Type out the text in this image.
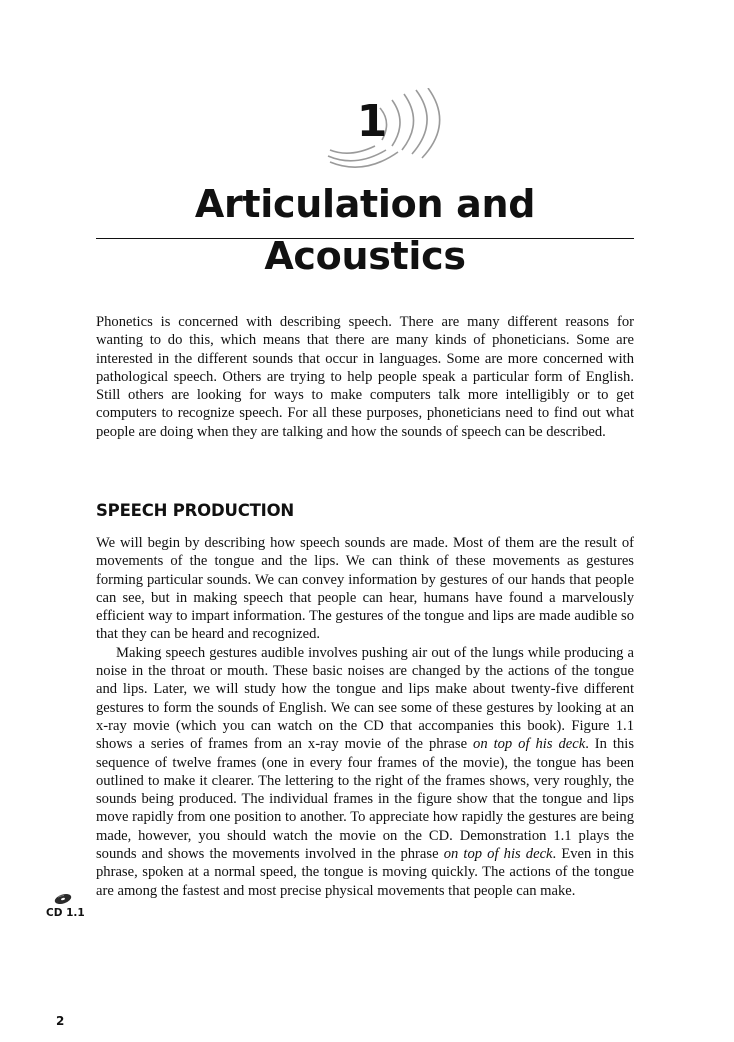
1
Articulation and Acoustics

Phonetics is concerned with describing speech. There are many different reasons for wanting to do this, which means that there are many kinds of phoneticians. Some are interested in the different sounds that occur in languages. Some are more concerned with pathological speech. Others are trying to help people speak a particular form of English. Still others are looking for ways to make computers talk more intelligibly or to get computers to recognize speech. For all these purposes, phoneticians need to find out what people are doing when they are talking and how the sounds of speech can be described.

SPEECH PRODUCTION

We will begin by describing how speech sounds are made. Most of them are the result of movements of the tongue and the lips. We can think of these movements as gestures forming particular sounds. We can convey information by gestures of our hands that people can see, but in making speech that people can hear, humans have found a marvelously efficient way to impart information. The gestures of the tongue and lips are made audible so that they can be heard and recognized.

Making speech gestures audible involves pushing air out of the lungs while producing a noise in the throat or mouth. These basic noises are changed by the actions of the tongue and lips. Later, we will study how the tongue and lips make about twenty-five different gestures to form the sounds of English. We can see some of these gestures by looking at an x-ray movie (which you can watch on the CD that accompanies this book). Figure 1.1 shows a series of frames from an x-ray movie of the phrase on top of his deck. In this sequence of twelve frames (one in every four frames of the movie), the tongue has been outlined to make it clearer. The lettering to the right of the frames shows, very roughly, the sounds being produced. The individual frames in the figure show that the tongue and lips move rapidly from one position to another. To appreciate how rapidly the gestures are being made, however, you should watch the movie on the CD. Demonstration 1.1 plays the sounds and shows the movements involved in the phrase on top of his deck. Even in this phrase, spoken at a normal speed, the tongue is moving quickly. The actions of the tongue are among the fastest and most precise physical movements that people can make.

CD 1.1
2
